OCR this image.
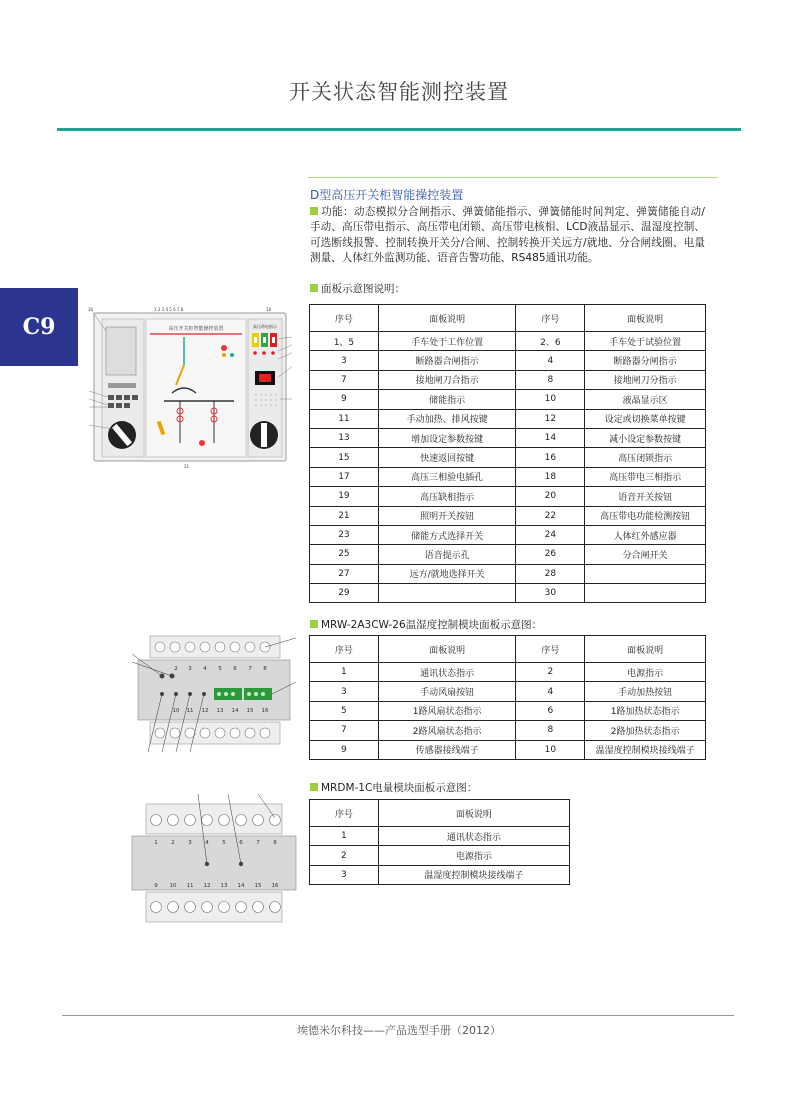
开关状态智能测控装置
C9
D型高压开关柜智能操控装置
功能：动态模拟分合闸指示、弹簧储能指示、弹簧储能时间判定、弹簧储能自动/手动、高压带电指示、高压带电闭锁、高压带电核相、LCD液晶显示、温湿度控制、可选断线报警、控制转换开关分/合闸、控制转换开关远方/就地、分合闸线圈、电量测量、人体红外监测功能、语音告警功能、RS485通讯功能。
面板示意图说明：
高压开关柜智能操控装置	高压带电指示
30	1 2 3 4 5 6 7 8	18
21
序号	面板说明	序号	面板说明
1、5	手车处于工作位置	2、6	手车处于试验位置
3	断路器合闸指示	4	断路器分闸指示
7	接地闸刀合指示	8	接地闸刀分指示
9	储能指示	10	液晶显示区
11	手动加热、排风按键	12	设定或切换菜单按键
13	增加设定参数按键	14	减小设定参数按键
15	快速返回按键	16	高压闭锁指示
17	高压三相验电插孔	18	高压带电三相指示
19	高压缺相指示	20	语音开关按钮
21	照明开关按钮	22	高压带电功能检测按钮
23	储能方式选择开关	24	人体红外感应器
25	语音提示孔	26	分合闸开关
27	远方/就地选择开关	28	
29		30	
MRW-2A3CW-26温湿度控制模块面板示意图：
2 3 4 5 6 7 8
10 11 12 13 14 15 16
序号	面板说明	序号	面板说明
1	通讯状态指示	2	电源指示
3	手动风扇按钮	4	手动加热按钮
5	1路风扇状态指示	6	1路加热状态指示
7	2路风扇状态指示	8	2路加热状态指示
9	传感器接线端子	10	温湿度控制模块接线端子
MRDM-1C电量模块面板示意图：
1 2 3 4 5 6 7 8
9 10 11 12 13 14 15 16
序号	面板说明
1	通讯状态指示
2	电源指示
3	温湿度控制模块接线端子
埃德米尔科技——产品选型手册（2012）
